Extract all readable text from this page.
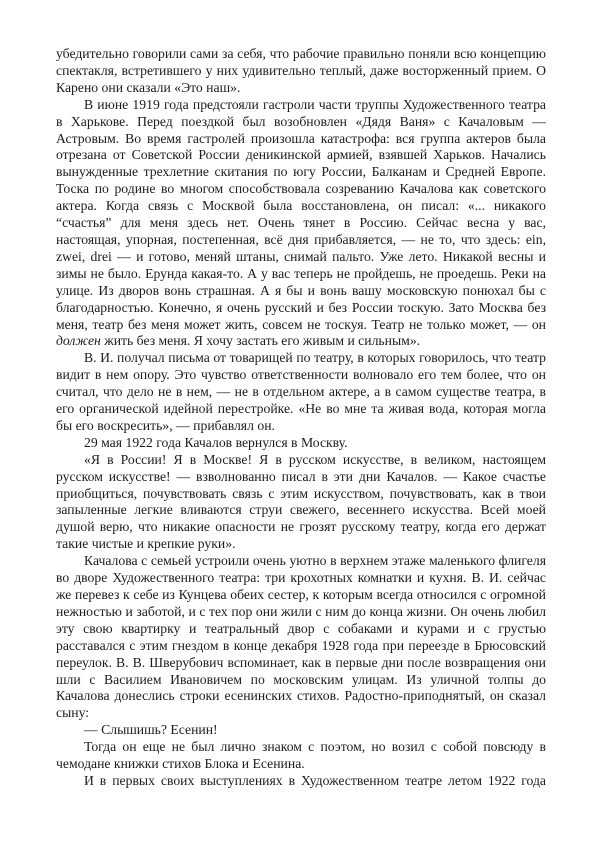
убедительно говорили сами за себя, что рабочие правильно поняли всю концепцию спектакля, встретившего у них удивительно теплый, даже восторженный прием. О Карено они сказали «Это наш».

В июне 1919 года предстояли гастроли части труппы Художественного театра в Харькове. Перед поездкой был возобновлен «Дядя Ваня» с Качаловым — Астровым. Во время гастролей произошла катастрофа: вся группа актеров была отрезана от Советской России деникинской армией, взявшей Харьков. Начались вынужденные трехлетние скитания по югу России, Балканам и Средней Европе. Тоска по родине во многом способствовала созреванию Качалова как советского актера. Когда связь с Москвой была восстановлена, он писал: «... никакого “счастья” для меня здесь нет. Очень тянет в Россию. Сейчас весна у вас, настоящая, упорная, постепенная, всё дня прибавляется, — не то, что здесь: ein, zwei, drei — и готово, меняй штаны, снимай пальто. Уже лето. Никакой весны и зимы не было. Ерунда какая-то. А у вас теперь не пройдешь, не проедешь. Реки на улице. Из дворов вонь страшная. А я бы и вонь вашу московскую понюхал бы с благодарностью. Конечно, я очень русский и без России тоскую. Зато Москва без меня, театр без меня может жить, совсем не тоскуя. Театр не только может, — он должен жить без меня. Я хочу застать его живым и сильным».

В. И. получал письма от товарищей по театру, в которых говорилось, что театр видит в нем опору. Это чувство ответственности волновало его тем более, что он считал, что дело не в нем, — не в отдельном актере, а в самом существе театра, в его органической идейной перестройке. «Не во мне та живая вода, которая могла бы его воскресить», — прибавлял он.

29 мая 1922 года Качалов вернулся в Москву.

«Я в России! Я в Москве! Я в русском искусстве, в великом, настоящем русском искусстве! — взволнованно писал в эти дни Качалов. — Какое счастье приобщиться, почувствовать связь с этим искусством, почувствовать, как в твои запыленные легкие вливаются струи свежего, весеннего искусства. Всей моей душой верю, что никакие опасности не грозят русскому театру, когда его держат такие чистые и крепкие руки».

Качалова с семьей устроили очень уютно в верхнем этаже маленького флигеля во дворе Художественного театра: три крохотных комнатки и кухня. В. И. сейчас же перевез к себе из Кунцева обеих сестер, к которым всегда относился с огромной нежностью и заботой, и с тех пор они жили с ним до конца жизни. Он очень любил эту свою квартирку и театральный двор с собаками и курами и с грустью расставался с этим гнездом в конце декабря 1928 года при переезде в Брюсовский переулок. В. В. Шверубович вспоминает, как в первые дни после возвращения они шли с Василием Ивановичем по московским улицам. Из уличной толпы до Качалова донеслись строки есенинских стихов. Радостно-приподнятый, он сказал сыну:

— Слышишь? Есенин!

Тогда он еще не был лично знаком с поэтом, но возил с собой повсюду в чемодане книжки стихов Блока и Есенина.

И в первых своих выступлениях в Художественном театре летом 1922 года
